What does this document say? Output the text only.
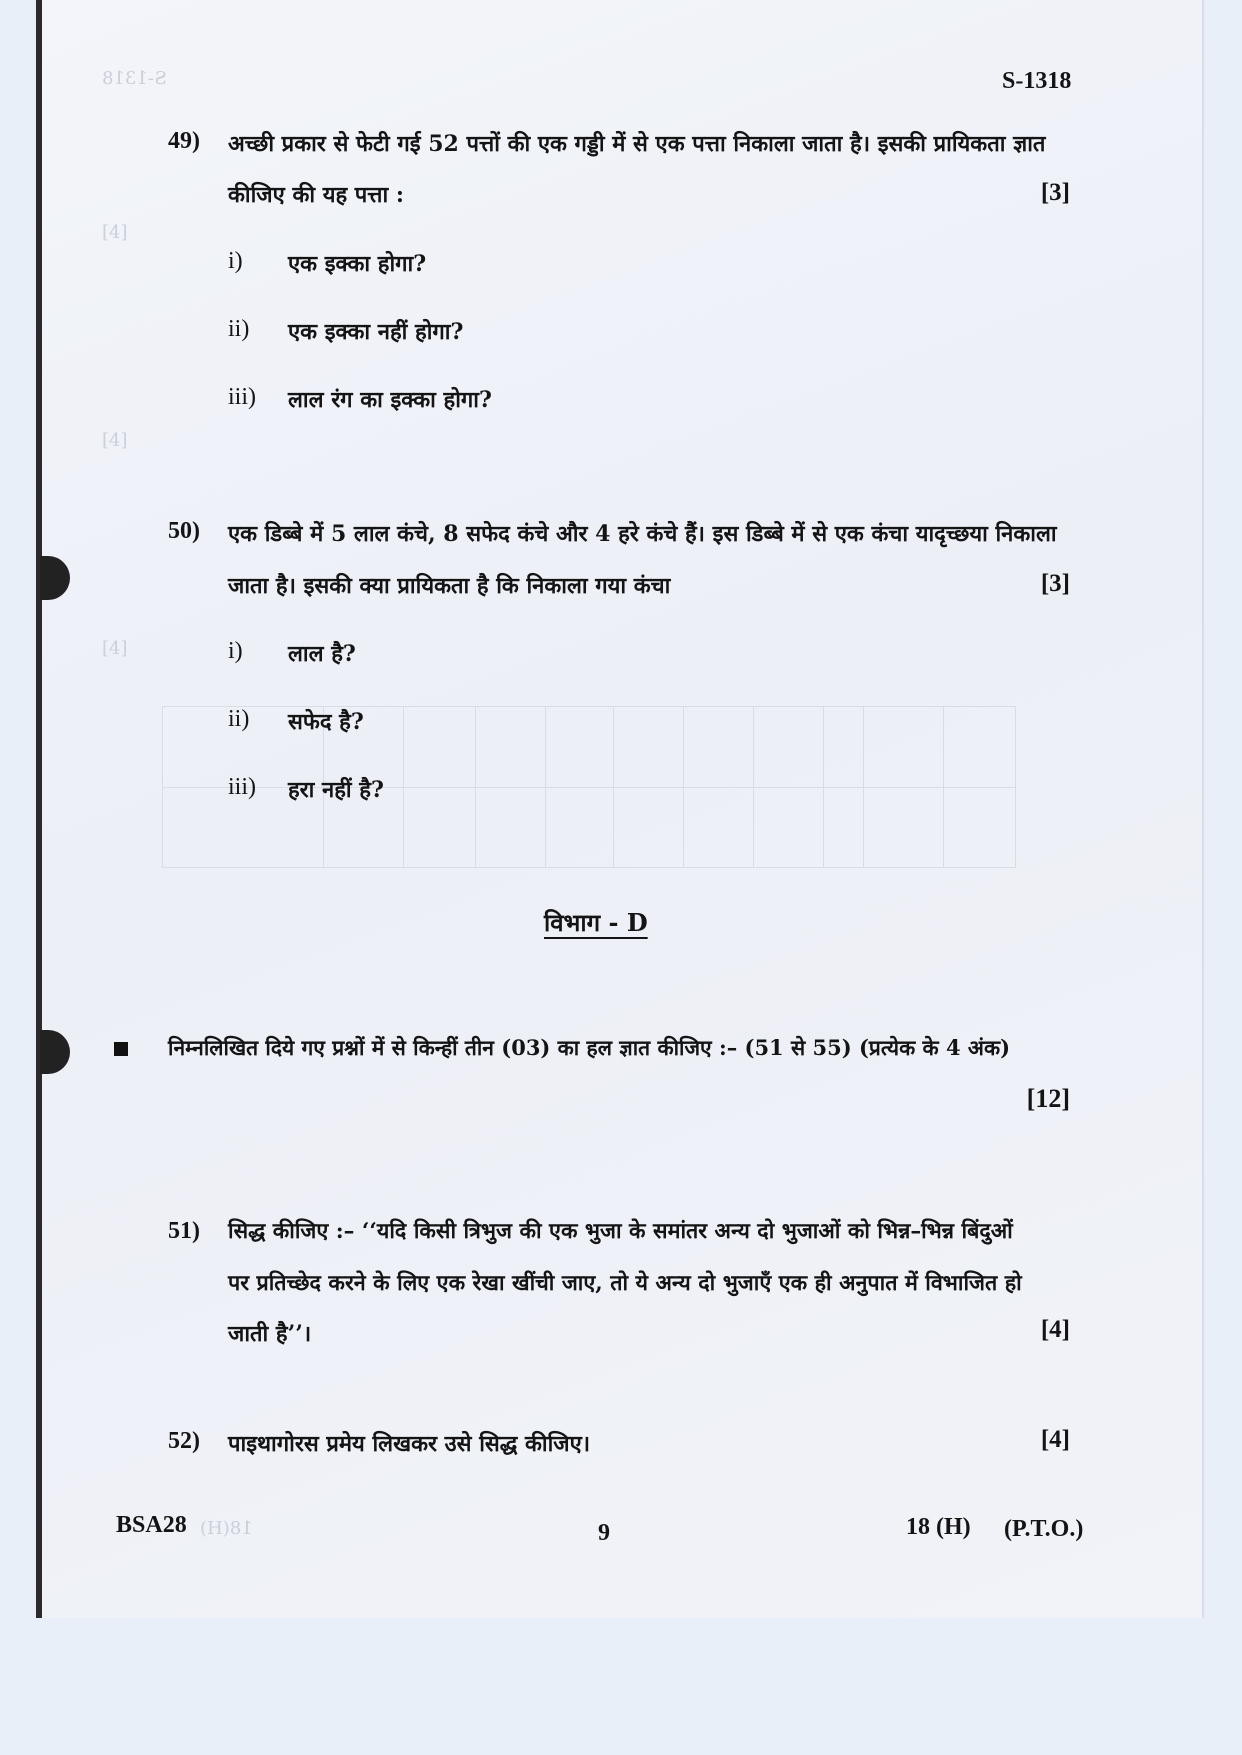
S-1318
[4]
[4]
[4]
18(H)
S-1318
49) अच्छी प्रकार से फेटी गई 52 पत्तों की एक गड्डी में से एक पत्ता निकाला जाता है। इसकी प्रायिकता ज्ञात
कीजिए की यह पत्ता :	[3]
i) एक इक्का होगा?
ii) एक इक्का नहीं होगा?
iii) लाल रंग का इक्का होगा?
50) एक डिब्बे में 5 लाल कंचे, 8 सफेद कंचे और 4 हरे कंचे हैं। इस डिब्बे में से एक कंचा यादृच्छया निकाला
जाता है। इसकी क्या प्रायिकता है कि निकाला गया कंचा	[3]
i) लाल है?
ii) सफेद है?
iii) हरा नहीं है?
विभाग - D
निम्नलिखित दिये गए प्रश्नों में से किन्हीं तीन (03) का हल ज्ञात कीजिए :– (51 से 55) (प्रत्येक के 4 अंक)
[12]
51) सिद्ध कीजिए :– ‘‘यदि किसी त्रिभुज की एक भुजा के समांतर अन्य दो भुजाओं को भिन्न–भिन्न बिंदुओं
पर प्रतिच्छेद करने के लिए एक रेखा खींची जाए, तो ये अन्य दो भुजाएँ एक ही अनुपात में विभाजित हो
जाती है’’।	[4]
52) पाइथागोरस प्रमेय लिखकर उसे सिद्ध कीजिए।	[4]
BSA28	9	18 (H) (P.T.O.)
